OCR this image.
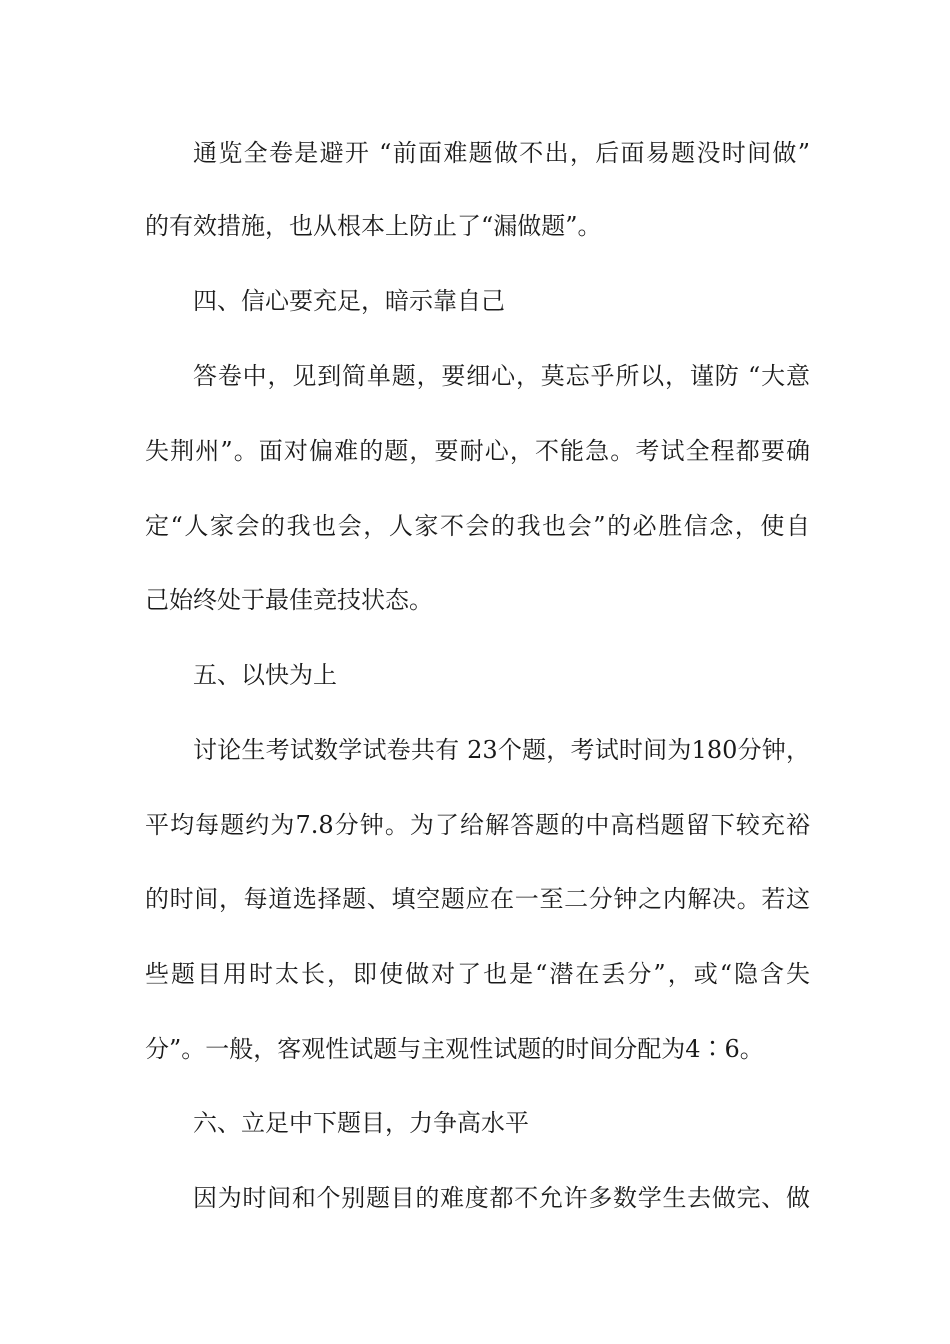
通览全卷是避开 “前面难题做不出，后面易题没时间做”
的有效措施，也从根本上防止了“漏做题”。
四、信心要充足，暗示靠自己
答卷中，见到简单题，要细心，莫忘乎所以，谨防 “大意
失荆州”。面对偏难的题，要耐心，不能急。考试全程都要确
定“人家会的我也会，人家不会的我也会”的必胜信念，使自
己始终处于最佳竞技状态。
五、以快为上
讨论生考试数学试卷共有 23个题，考试时间为180分钟，
平均每题约为7.8分钟。为了给解答题的中高档题留下较充裕
的时间，每道选择题、填空题应在一至二分钟之内解决。若这
些题目用时太长，即使做对了也是“潜在丢分”，或“隐含失
分”。一般，客观性试题与主观性试题的时间分配为4∶6。
六、立足中下题目，力争高水平
因为时间和个别题目的难度都不允许多数学生去做完、做
